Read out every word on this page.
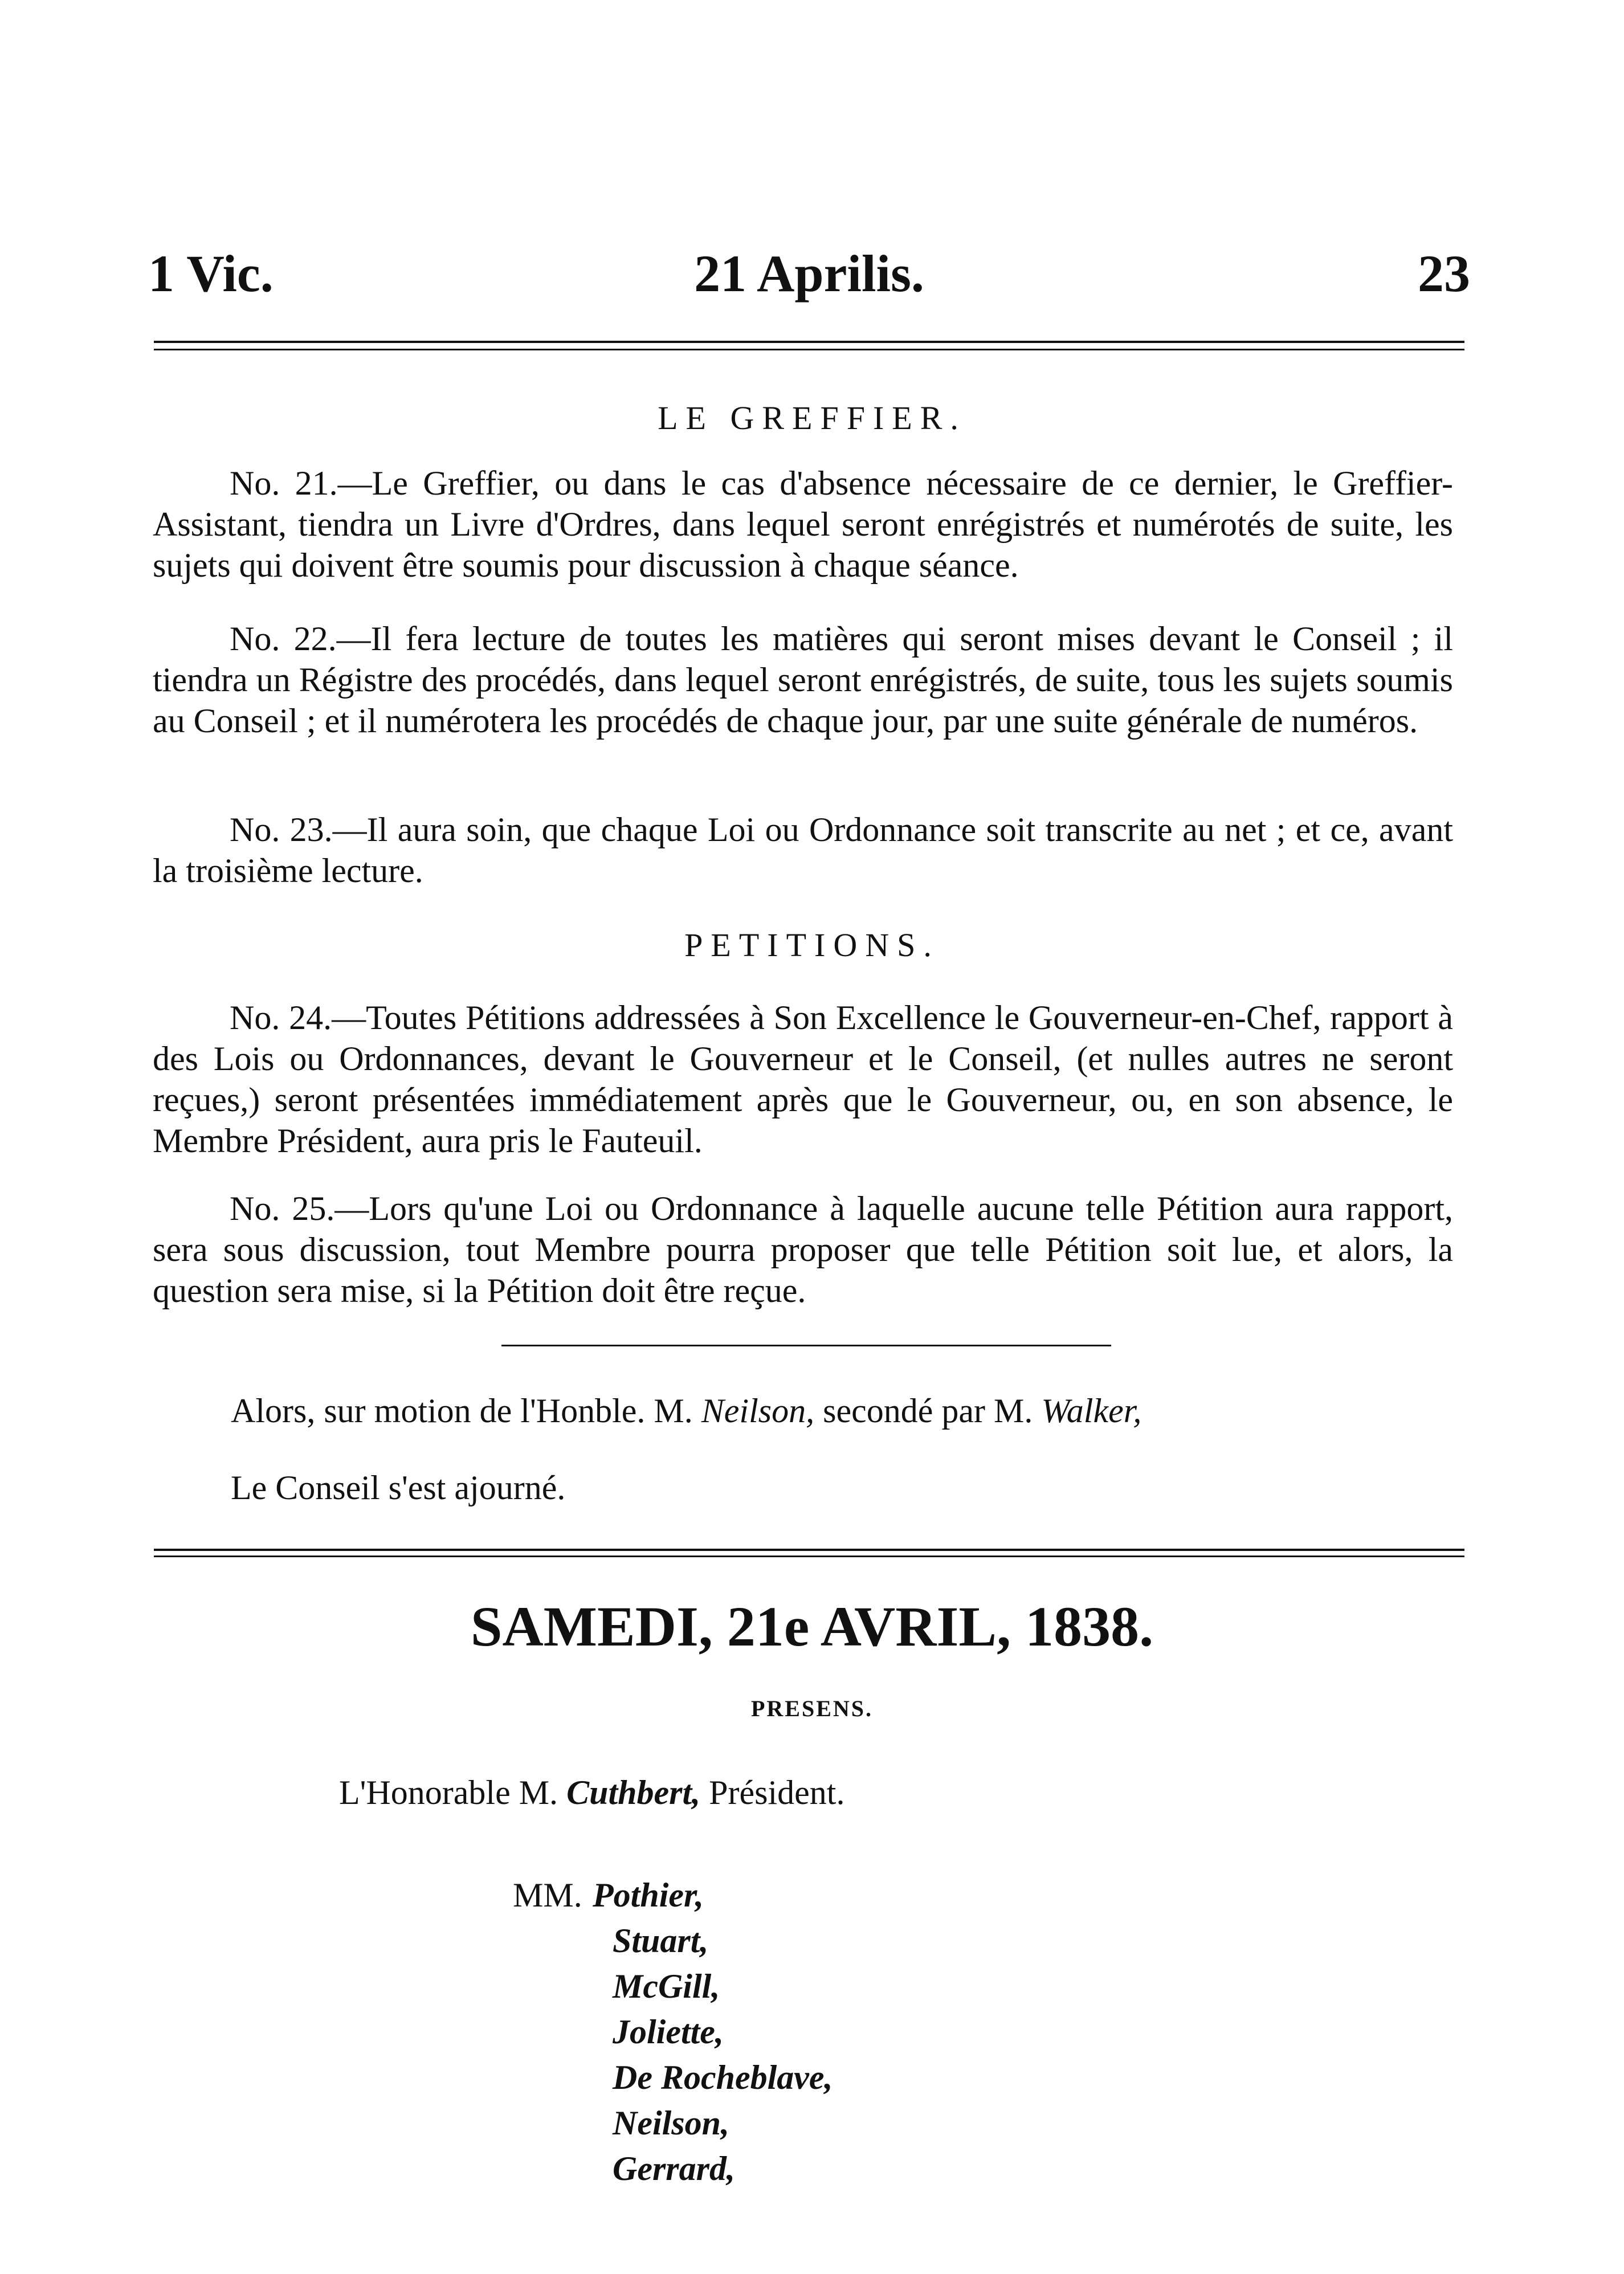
1 Vic.	21 Aprilis.	23
LE GREFFIER.
No. 21.—Le Greffier, ou dans le cas d'absence nécessaire de ce dernier, le Greffier-Assistant, tiendra un Livre d'Ordres, dans lequel seront enrégistrés et numérotés de suite, les sujets qui doivent être soumis pour discussion à chaque séance.
No. 22.—Il fera lecture de toutes les matières qui seront mises devant le Conseil ; il tiendra un Régistre des procédés, dans lequel seront enrégistrés, de suite, tous les sujets soumis au Conseil ; et il numérotera les procédés de chaque jour, par une suite générale de numéros.
No. 23.—Il aura soin, que chaque Loi ou Ordonnance soit transcrite au net ; et ce, avant la troisième lecture.
PETITIONS.
No. 24.—Toutes Pétitions addressées à Son Excellence le Gouverneur-en-Chef, rapport à des Lois ou Ordonnances, devant le Gouverneur et le Conseil, (et nulles autres ne seront reçues,) seront présentées immédiatement après que le Gouverneur, ou, en son absence, le Membre Président, aura pris le Fauteuil.
No. 25.—Lors qu'une Loi ou Ordonnance à laquelle aucune telle Pétition aura rapport, sera sous discussion, tout Membre pourra proposer que telle Pétition soit lue, et alors, la question sera mise, si la Pétition doit être reçue.
Alors, sur motion de l'Honble. M. Neilson, secondé par M. Walker,
Le Conseil s'est ajourné.
SAMEDI, 21e AVRIL, 1838.
PRESENS.
L'Honorable M. Cuthbert, Président.
MM. Pothier,
Stuart,
McGill,
Joliette,
De Rocheblave,
Neilson,
Gerrard,
